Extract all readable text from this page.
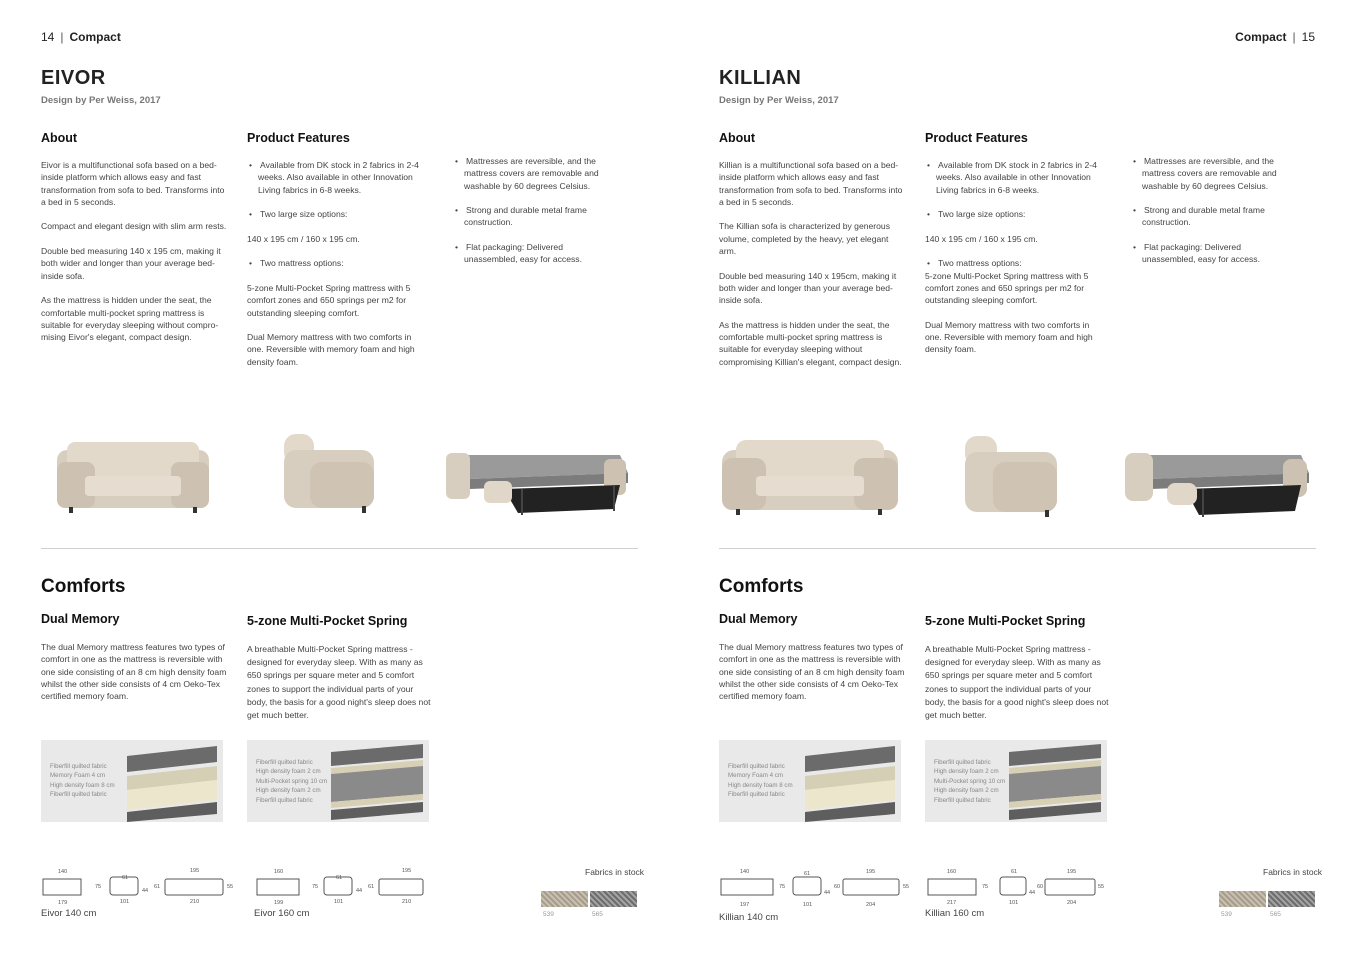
14 | Compact
EIVOR
Design by Per Weiss, 2017
About

Eivor is a multifunctional sofa based on a bed-inside platform which allows easy and fast transformation from sofa to bed. Transforms into a bed in 5 seconds.

Compact and elegant design with slim arm rests.

Double bed measuring 140 x 195 cm, making it both wider and longer than your average bed-inside sofa.

As the mattress is hidden under the seat, the comfortable multi-pocket spring mattress is suitable for everyday sleeping without compro-mising Eivor's elegant, compact design.

Product Features

• Available from DK stock in 2 fabrics in 2-4 weeks. Also available in other Innovation Living fabrics in 6-8 weeks.

• Two large size options:

140 x 195 cm / 160 x 195 cm.

• Two mattress options:

5-zone Multi-Pocket Spring mattress with 5 comfort zones and 650 springs per m2 for outstanding sleeping comfort.

Dual Memory mattress with two comforts in one. Reversible with memory foam and high density foam.

• Mattresses are reversible, and the mattress covers are removable and washable by 60 degrees Celsius.

• Strong and durable metal frame construction.

• Flat packaging: Delivered unassembled, easy for access.

Comforts
Dual Memory

The dual Memory mattress features two types of comfort in one as the mattress is reversible with one side consisting of an 8 cm high density foam whilst the other side consists of 4 cm Oeko-Tex certified memory foam.

5-zone Multi-Pocket Spring

A breathable Multi-Pocket Spring mattress - designed for everyday sleep. With as many as 650 springs per square meter and 5 comfort zones to support the individual parts of your body, the basis for a good night's sleep does not get much better.

Fiberfill quilted fabric
Memory Foam 4 cm
High density foam 8 cm
Fiberfill quilted fabric
Fiberfill quilted fabric
High density foam 2 cm
Multi-Pocket spring 10 cm
High density foam 2 cm
Fiberfill quilted fabric
140
75
179
61
44
101
61
195
55
210
160
75
199
61
44
101
61
195
210
Eivor 140 cm	Eivor 160 cm
Fabrics in stock
539	565
Compact | 15
KILLIAN
Design by Per Weiss, 2017
About

Killian is a multifunctional sofa based on a bed-inside platform which allows easy and fast transformation from sofa to bed. Transforms into a bed in 5 seconds.

The Killian sofa is characterized by generous volume, completed by the heavy, yet elegant arm.

Double bed measuring 140 x 195cm, making it both wider and longer than your average bed-inside sofa.

As the mattress is hidden under the seat, the comfortable multi-pocket spring mattress is suitable for everyday sleeping without compromising Killian's elegant, compact design.

Product Features

• Available from DK stock in 2 fabrics in 2-4 weeks. Also available in other Innovation Living fabrics in 6-8 weeks.

• Two large size options:

140 x 195 cm / 160 x 195 cm.

• Two mattress options:

5-zone Multi-Pocket Spring mattress with 5 comfort zones and 650 springs per m2 for outstanding sleeping comfort.

Dual Memory mattress with two comforts in one. Reversible with memory foam and high density foam.

• Mattresses are reversible, and the mattress covers are removable and washable by 60 degrees Celsius.

• Strong and durable metal frame construction.

• Flat packaging: Delivered unassembled, easy for access.

Comforts
Dual Memory

The dual Memory mattress features two types of comfort in one as the mattress is reversible with one side consisting of an 8 cm high density foam whilst the other side consists of 4 cm Oeko-Tex certified memory foam.

5-zone Multi-Pocket Spring

A breathable Multi-Pocket Spring mattress - designed for everyday sleep. With as many as 650 springs per square meter and 5 comfort zones to support the individual parts of your body, the basis for a good night's sleep does not get much better.

Fiberfill quilted fabric
Memory Foam 4 cm
High density foam 8 cm
Fiberfill quilted fabric
Fiberfill quilted fabric
High density foam 2 cm
Multi-Pocket spring 10 cm
High density foam 2 cm
Fiberfill quilted fabric
140
75
197
61
44
101
60
195
55
204
160
75
217
61
44
101
60
195
55
204
Killian 140 cm	Killian 160 cm
Fabrics in stock
539	565
